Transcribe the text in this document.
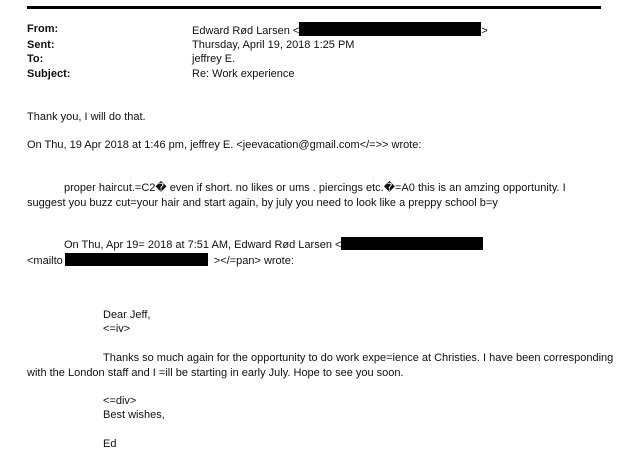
From:	Edward Rød Larsen <	>
Sent:	Thursday, April 19, 2018 1:25 PM
To:	jeffrey E.
Subject:	Re: Work experience
Thank you, I will do that.
On Thu, 19 Apr 2018 at 1:46 pm, jeffrey E. <jeevacation@gmail.com</=>> wrote:
proper haircut.=C2� even if short. no likes or ums . piercings etc.�=A0 this is an amzing opportunity. I
suggest you buzz cut=your hair and start again, by july you need to look like a preppy school b=y
On Thu, Apr 19= 2018 at 7:51 AM, Edward Rød Larsen <
<mailto	></=pan> wrote:
Dear Jeff,
<=iv>
Thanks so much again for the opportunity to do work expe=ience at Christies. I have been corresponding
with the London staff and I =ill be starting in early July. Hope to see you soon.
<=div>
Best wishes,
Ed
